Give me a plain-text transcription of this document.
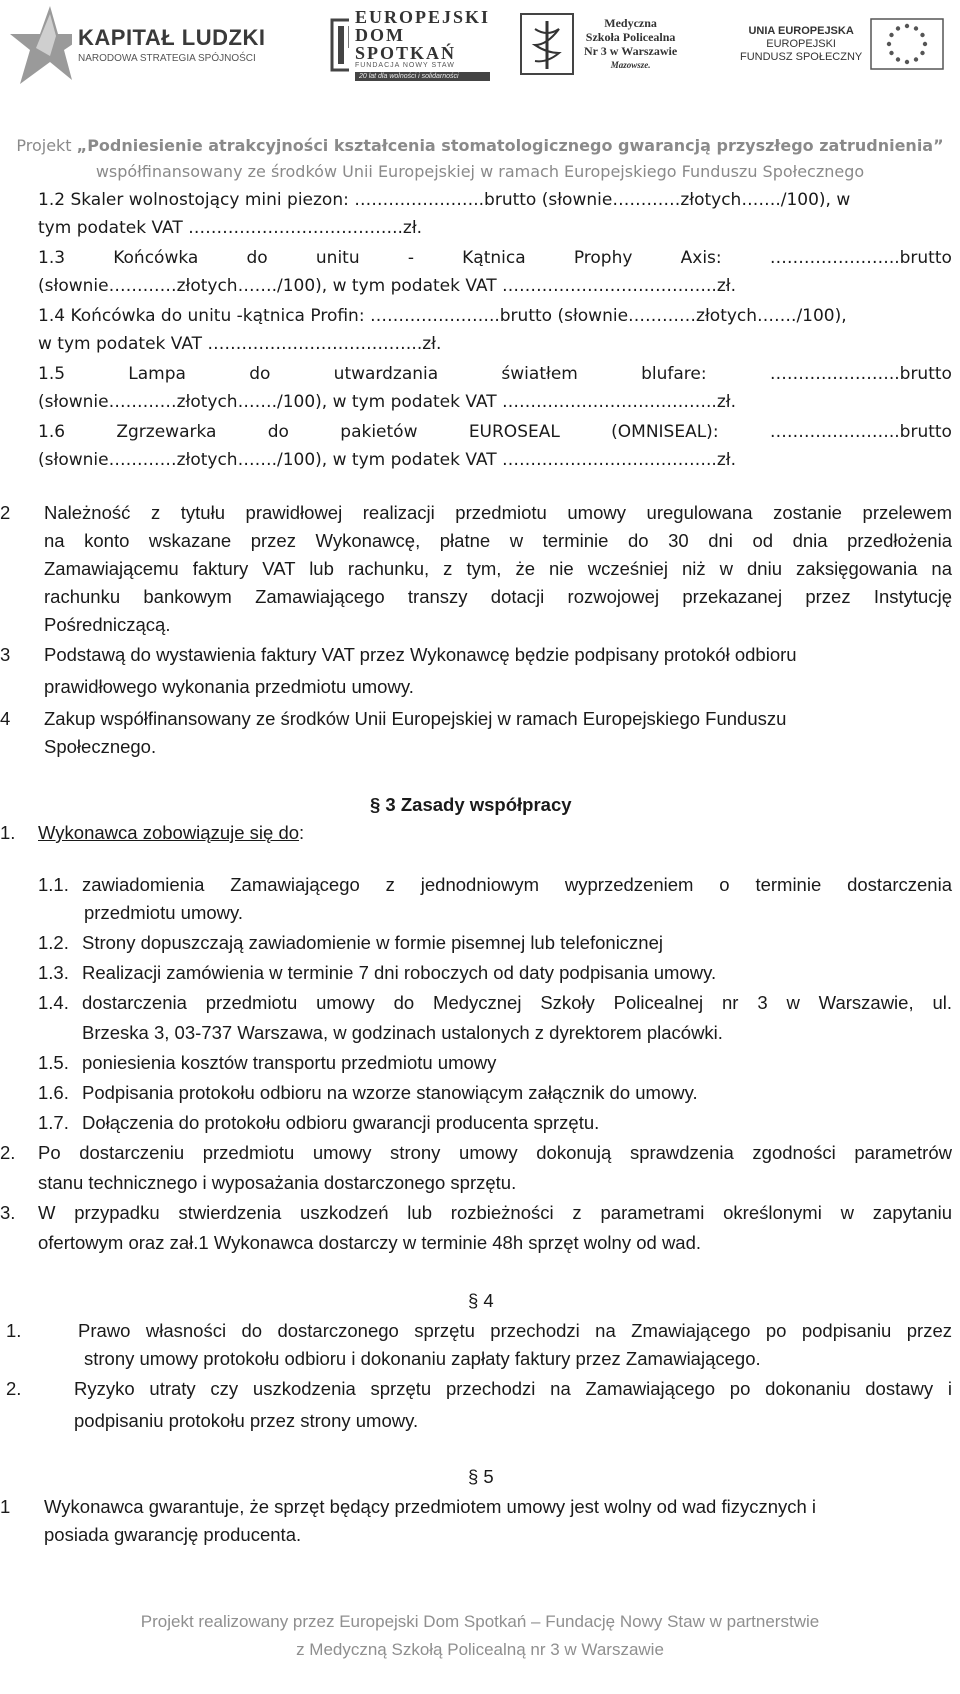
KAPITAŁ LUDZKI
NARODOWA STRATEGIA SPÓJNOŚCI
EUROPEJSKI
DOM SPOTKAŃ
FUNDACJA NOWY STAW
20 lat dla wolności i solidarności
Medyczna
Szkoła Policealna
Nr 3 w Warszawie
Mazowsze.
UNIA EUROPEJSKA
EUROPEJSKI
FUNDUSZ SPOŁECZNY
Projekt „Podniesienie atrakcyjności kształcenia stomatologicznego gwarancją przyszłego zatrudnienia”
współfinansowany ze środków Unii Europejskiej w ramach Europejskiego Funduszu Społecznego
1.2 Skaler wolnostojący mini piezon: …………………..brutto (słownie…………złotych……./100), w
tym podatek VAT ………………………………..zł.
1.3	Końcówka	do	unitu	-	Kątnica	Prophy	Axis:	…………………..brutto
(słownie…………złotych……./100), w tym podatek VAT ………………………………..zł.
1.4 Końcówka do unitu -kątnica Profin: …………………..brutto (słownie…………złotych……./100),
w tym podatek VAT ………………………………..zł.
1.5	Lampa	do	utwardzania	światłem	blufare:	…………………..brutto
(słownie…………złotych……./100), w tym podatek VAT ………………………………..zł.
1.6	Zgrzewarka	do	pakietów	EUROSEAL	(OMNISEAL):	…………………..brutto
(słownie…………złotych……./100), w tym podatek VAT ………………………………..zł.
2 Należność z tytułu prawidłowej realizacji przedmiotu umowy uregulowana zostanie przelewem
na konto wskazane przez Wykonawcę, płatne w terminie do 30 dni od dnia przedłożenia
Zamawiającemu faktury VAT lub rachunku, z tym, że nie wcześniej niż w dniu zaksięgowania na
rachunku bankowym Zamawiającego transzy dotacji rozwojowej przekazanej przez Instytucję
Pośredniczącą.
3 Podstawą do wystawienia faktury VAT przez Wykonawcę będzie podpisany protokół odbioru
prawidłowego wykonania przedmiotu umowy.
4 Zakup współfinansowany ze środków Unii Europejskiej w ramach Europejskiego Funduszu
Społecznego.
§ 3 Zasady współpracy
1. Wykonawca zobowiązuje się do:
1.1. zawiadomienia Zamawiającego z jednodniowym wyprzedzeniem o terminie dostarczenia
przedmiotu umowy.
1.2. Strony dopuszczają zawiadomienie w formie pisemnej lub telefonicznej
1.3. Realizacji zamówienia w terminie 7 dni roboczych od daty podpisania umowy.
1.4. dostarczenia przedmiotu umowy do Medycznej Szkoły Policealnej nr 3 w Warszawie, ul.
Brzeska 3, 03-737 Warszawa, w godzinach ustalonych z dyrektorem placówki.
1.5. poniesienia kosztów transportu przedmiotu umowy
1.6. Podpisania protokołu odbioru na wzorze stanowiącym załącznik do umowy.
1.7. Dołączenia do protokołu odbioru gwarancji producenta sprzętu.
2. Po dostarczeniu przedmiotu umowy strony umowy dokonują sprawdzenia zgodności parametrów
stanu technicznego i wyposażania dostarczonego sprzętu.
3. W przypadku stwierdzenia uszkodzeń lub rozbieżności z parametrami określonymi w zapytaniu
ofertowym oraz zał.1 Wykonawca dostarczy w terminie 48h sprzęt wolny od wad.
§ 4
1.	Prawo własności do dostarczonego sprzętu przechodzi na Zmawiającego po podpisaniu przez
strony umowy protokołu odbioru i dokonaniu zapłaty faktury przez Zamawiającego.
2.	Ryzyko utraty czy uszkodzenia sprzętu przechodzi na Zamawiającego po dokonaniu dostawy i
podpisaniu protokołu przez strony umowy.
§ 5
1 Wykonawca gwarantuje, że sprzęt będący przedmiotem umowy jest wolny od wad fizycznych i
posiada gwarancję producenta.
Projekt realizowany przez Europejski Dom Spotkań – Fundację Nowy Staw w partnerstwie
z Medyczną Szkołą Policealną nr 3 w Warszawie
